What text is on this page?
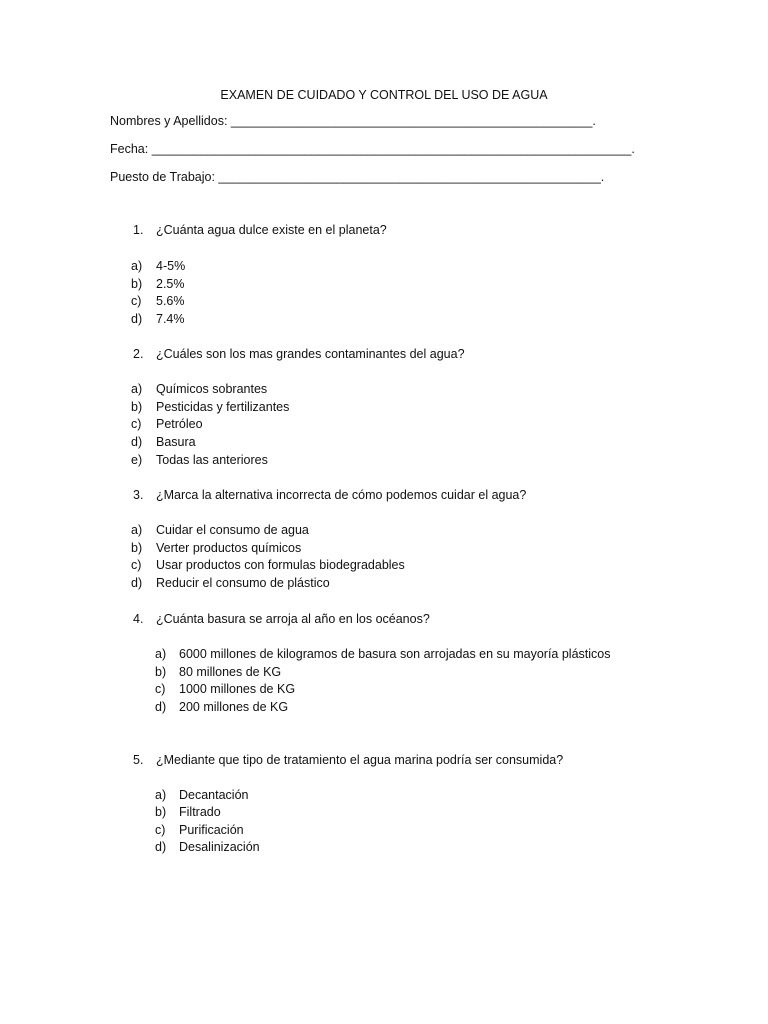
EXAMEN DE CUIDADO Y CONTROL DEL USO DE AGUA
Nombres y Apellidos: ____________________________________________________.
Fecha: _____________________________________________________________________.
Puesto de Trabajo: _______________________________________________________.
1. ¿Cuánta agua dulce existe en el planeta?
a) 4-5%
b) 2.5%
c) 5.6%
d) 7.4%
2. ¿Cuáles son los mas grandes contaminantes del agua?
a) Químicos sobrantes
b) Pesticidas y fertilizantes
c) Petróleo
d) Basura
e) Todas las anteriores
3. ¿Marca la alternativa incorrecta de cómo podemos cuidar el agua?
a) Cuidar el consumo de agua
b) Verter productos químicos
c) Usar productos con formulas biodegradables
d) Reducir el consumo de plástico
4. ¿Cuánta basura se arroja al año en los océanos?
a) 6000 millones de kilogramos de basura son arrojadas en su mayoría plásticos
b) 80 millones de KG
c) 1000 millones de KG
d) 200 millones de KG
5. ¿Mediante que tipo de tratamiento el agua marina podría ser consumida?
a) Decantación
b) Filtrado
c) Purificación
d) Desalinización
